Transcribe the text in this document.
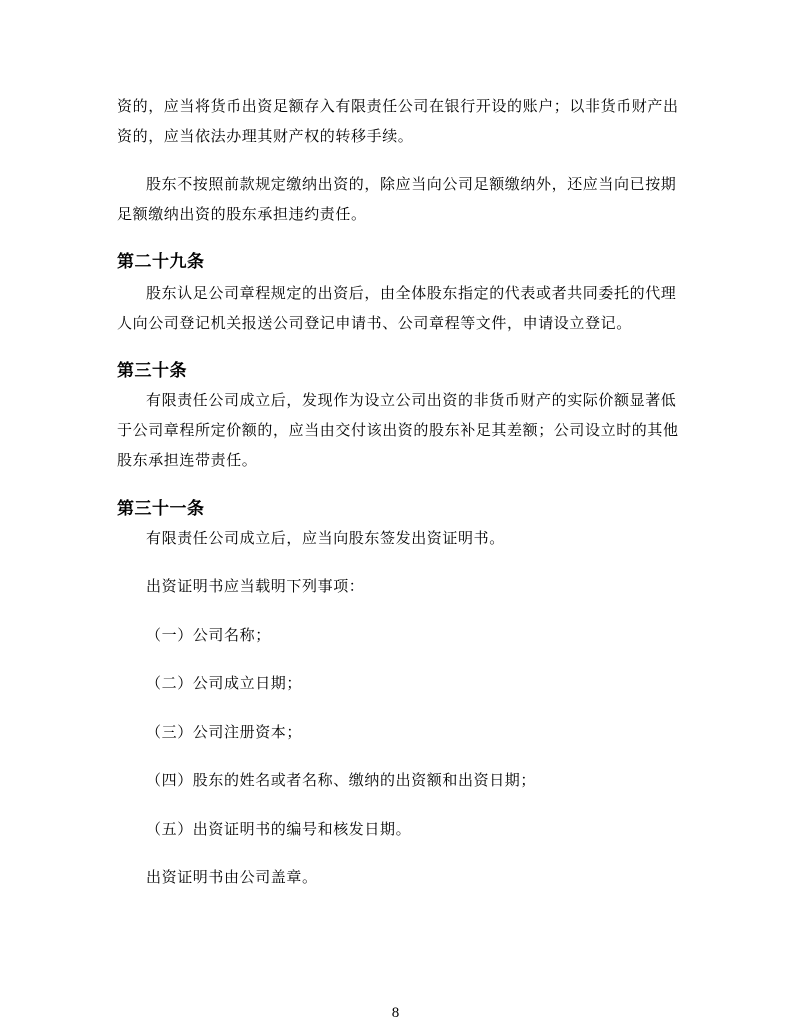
资的，应当将货币出资足额存入有限责任公司在银行开设的账户；以非货币财产出
资的，应当依法办理其财产权的转移手续。
股东不按照前款规定缴纳出资的，除应当向公司足额缴纳外，还应当向已按期
足额缴纳出资的股东承担违约责任。
第二十九条
股东认足公司章程规定的出资后，由全体股东指定的代表或者共同委托的代理
人向公司登记机关报送公司登记申请书、公司章程等文件，申请设立登记。
第三十条
有限责任公司成立后，发现作为设立公司出资的非货币财产的实际价额显著低
于公司章程所定价额的，应当由交付该出资的股东补足其差额；公司设立时的其他
股东承担连带责任。
第三十一条
有限责任公司成立后，应当向股东签发出资证明书。
出资证明书应当载明下列事项：
（一）公司名称；
（二）公司成立日期；
（三）公司注册资本；
（四）股东的姓名或者名称、缴纳的出资额和出资日期；
（五）出资证明书的编号和核发日期。
出资证明书由公司盖章。
8
